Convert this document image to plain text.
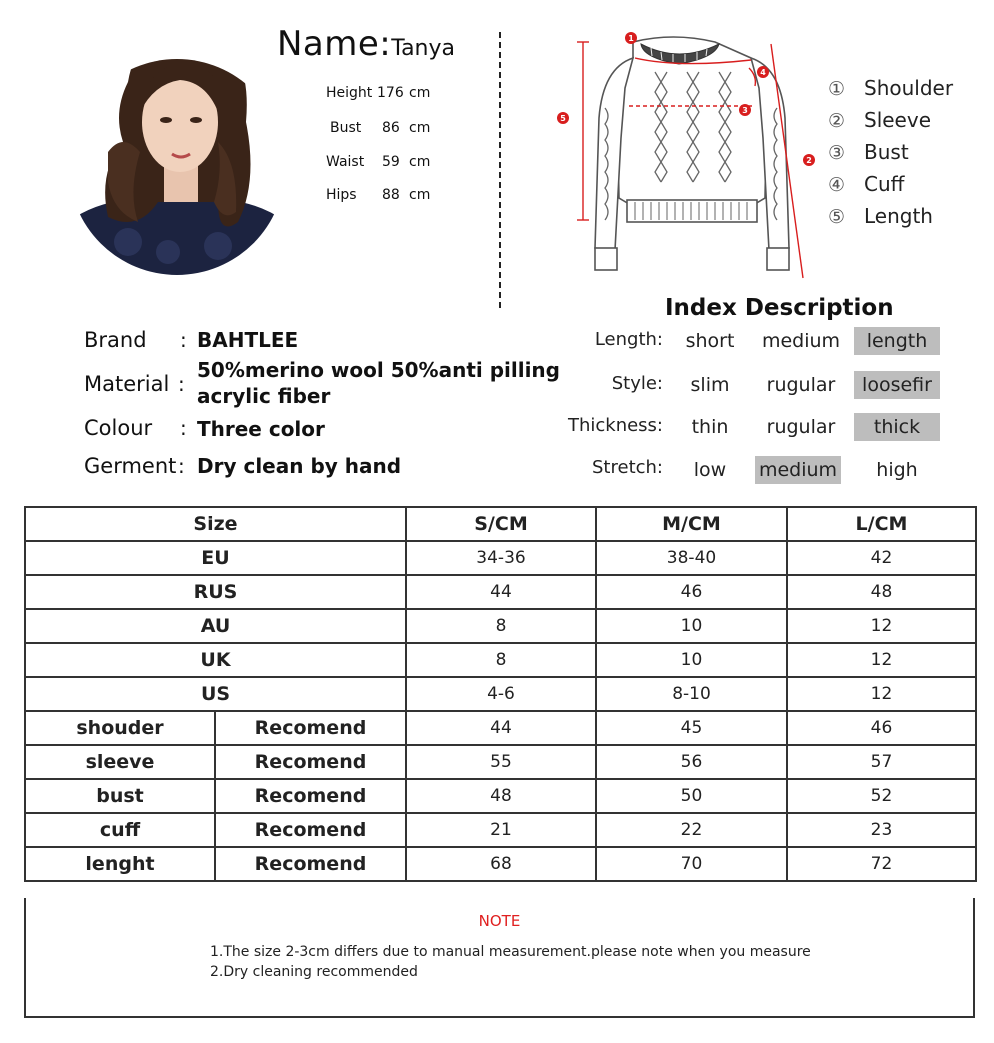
Name:Tanya
Height 176 cm
Bust 86 cm
Waist 59 cm
Hips 88 cm
1
2
3
4
5
① Shoulder
② Sleeve
③ Bust
④ Cuff
⑤ Length
Brand : BAHTLEE
Material :
50%merino wool 50%anti pilling
acrylic fiber
Colour : Three color
Germent : Dry clean by hand
Index Description
Length:	short	medium	length
Style:	slim	rugular	loosefir
Thickness:	thin	rugular	thick
Stretch:	low	medium	high
Size		S/CM	M/CM	L/CM
EU		34-36	38-40	42
RUS		44	46	48
AU		8	10	12
UK		8	10	12
US		4-6	8-10	12
shouder	Recomend	44	45	46
sleeve	Recomend	55	56	57
bust	Recomend	48	50	52
cuff	Recomend	21	22	23
lenght	Recomend	68	70	72
NOTE
1.The size 2-3cm differs due to manual measurement.please note when you measure
2.Dry cleaning recommended
